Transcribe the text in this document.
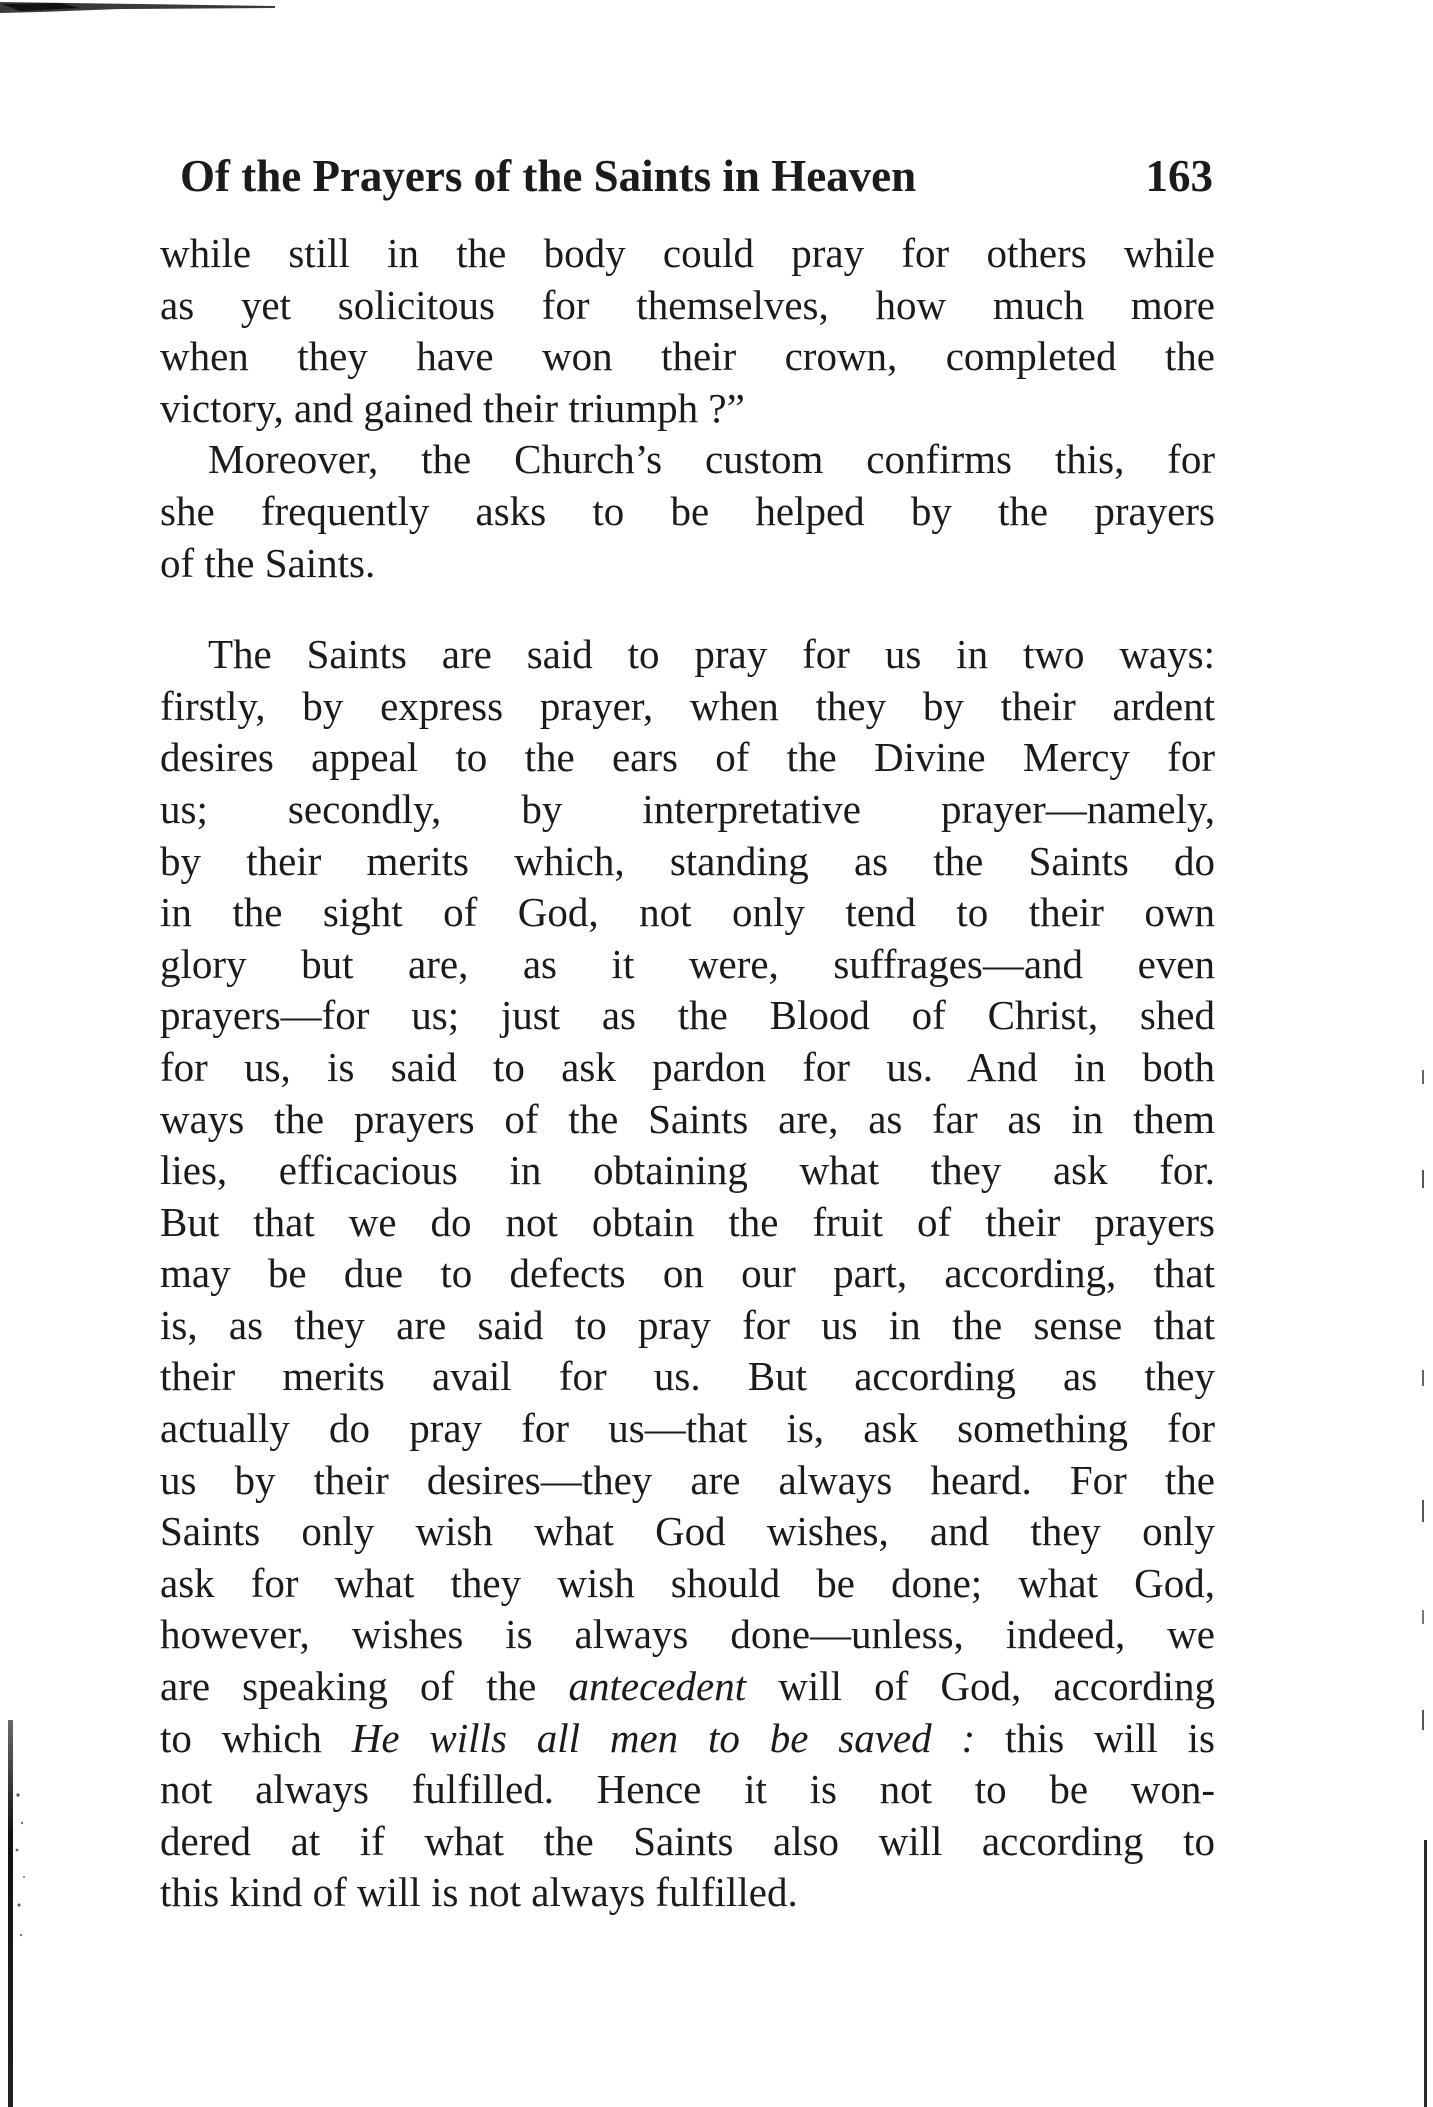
Of the Prayers of the Saints in Heaven	163
while still in the body could pray for others while
as yet solicitous for themselves, how much more
when they have won their crown, completed the
victory, and gained their triumph ?”
Moreover, the Church’s custom confirms this, for
she frequently asks to be helped by the prayers
of the Saints.
The Saints are said to pray for us in two ways:
firstly, by express prayer, when they by their ardent
desires appeal to the ears of the Divine Mercy for
us; secondly, by interpretative prayer—namely,
by their merits which, standing as the Saints do
in the sight of God, not only tend to their own
glory but are, as it were, suffrages—and even
prayers—for us; just as the Blood of Christ, shed
for us, is said to ask pardon for us. And in both
ways the prayers of the Saints are, as far as in them
lies, efficacious in obtaining what they ask for.
But that we do not obtain the fruit of their prayers
may be due to defects on our part, according, that
is, as they are said to pray for us in the sense that
their merits avail for us. But according as they
actually do pray for us—that is, ask something for
us by their desires—they are always heard. For the
Saints only wish what God wishes, and they only
ask for what they wish should be done; what God,
however, wishes is always done—unless, indeed, we
are speaking of the antecedent will of God, according
to which He wills all men to be saved : this will is
not always fulfilled. Hence it is not to be won-
dered at if what the Saints also will according to
this kind of will is not always fulfilled.
